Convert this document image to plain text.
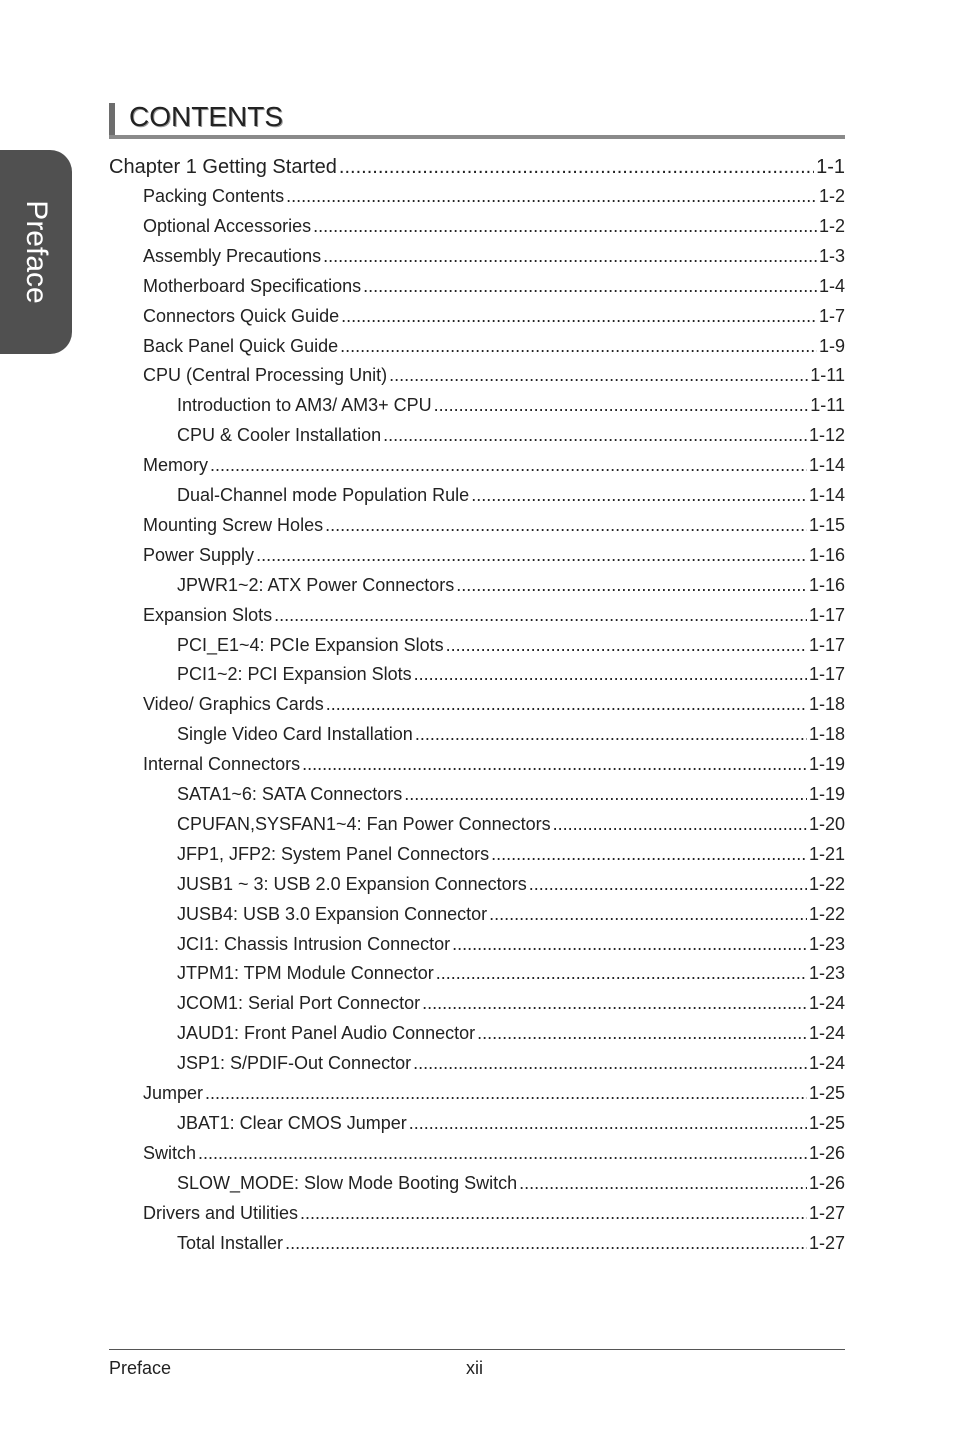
Preface
CONTENTS
Chapter 1 Getting Started .....	1-1
Packing Contents .....	1-2
Optional Accessories .....	1-2
Assembly Precautions .....	1-3
Motherboard Specifications .....	1-4
Connectors Quick Guide .....	1-7
Back Panel Quick Guide .....	1-9
CPU (Central Processing Unit) .....	1-11
Introduction to AM3/ AM3+ CPU .....	1-11
CPU & Cooler Installation .....	1-12
Memory .....	1-14
Dual-Channel mode Population Rule .....	1-14
Mounting Screw Holes .....	1-15
Power Supply .....	1-16
JPWR1~2: ATX Power Connectors .....	1-16
Expansion Slots .....	1-17
PCI_E1~4: PCIe Expansion Slots .....	1-17
PCI1~2: PCI Expansion Slots .....	1-17
Video/ Graphics Cards .....	1-18
Single Video Card Installation .....	1-18
Internal Connectors .....	1-19
SATA1~6: SATA Connectors .....	1-19
CPUFAN,SYSFAN1~4: Fan Power Connectors .....	1-20
JFP1, JFP2: System Panel Connectors .....	1-21
JUSB1 ~ 3: USB 2.0 Expansion Connectors .....	1-22
JUSB4: USB 3.0 Expansion Connector .....	1-22
JCI1: Chassis Intrusion Connector .....	1-23
JTPM1: TPM Module Connector .....	1-23
JCOM1: Serial Port Connector .....	1-24
JAUD1: Front Panel Audio Connector .....	1-24
JSP1: S/PDIF-Out Connector .....	1-24
Jumper .....	1-25
JBAT1: Clear CMOS Jumper .....	1-25
Switch .....	1-26
SLOW_MODE: Slow Mode Booting Switch .....	1-26
Drivers and Utilities .....	1-27
Total Installer .....	1-27
Preface	xii
